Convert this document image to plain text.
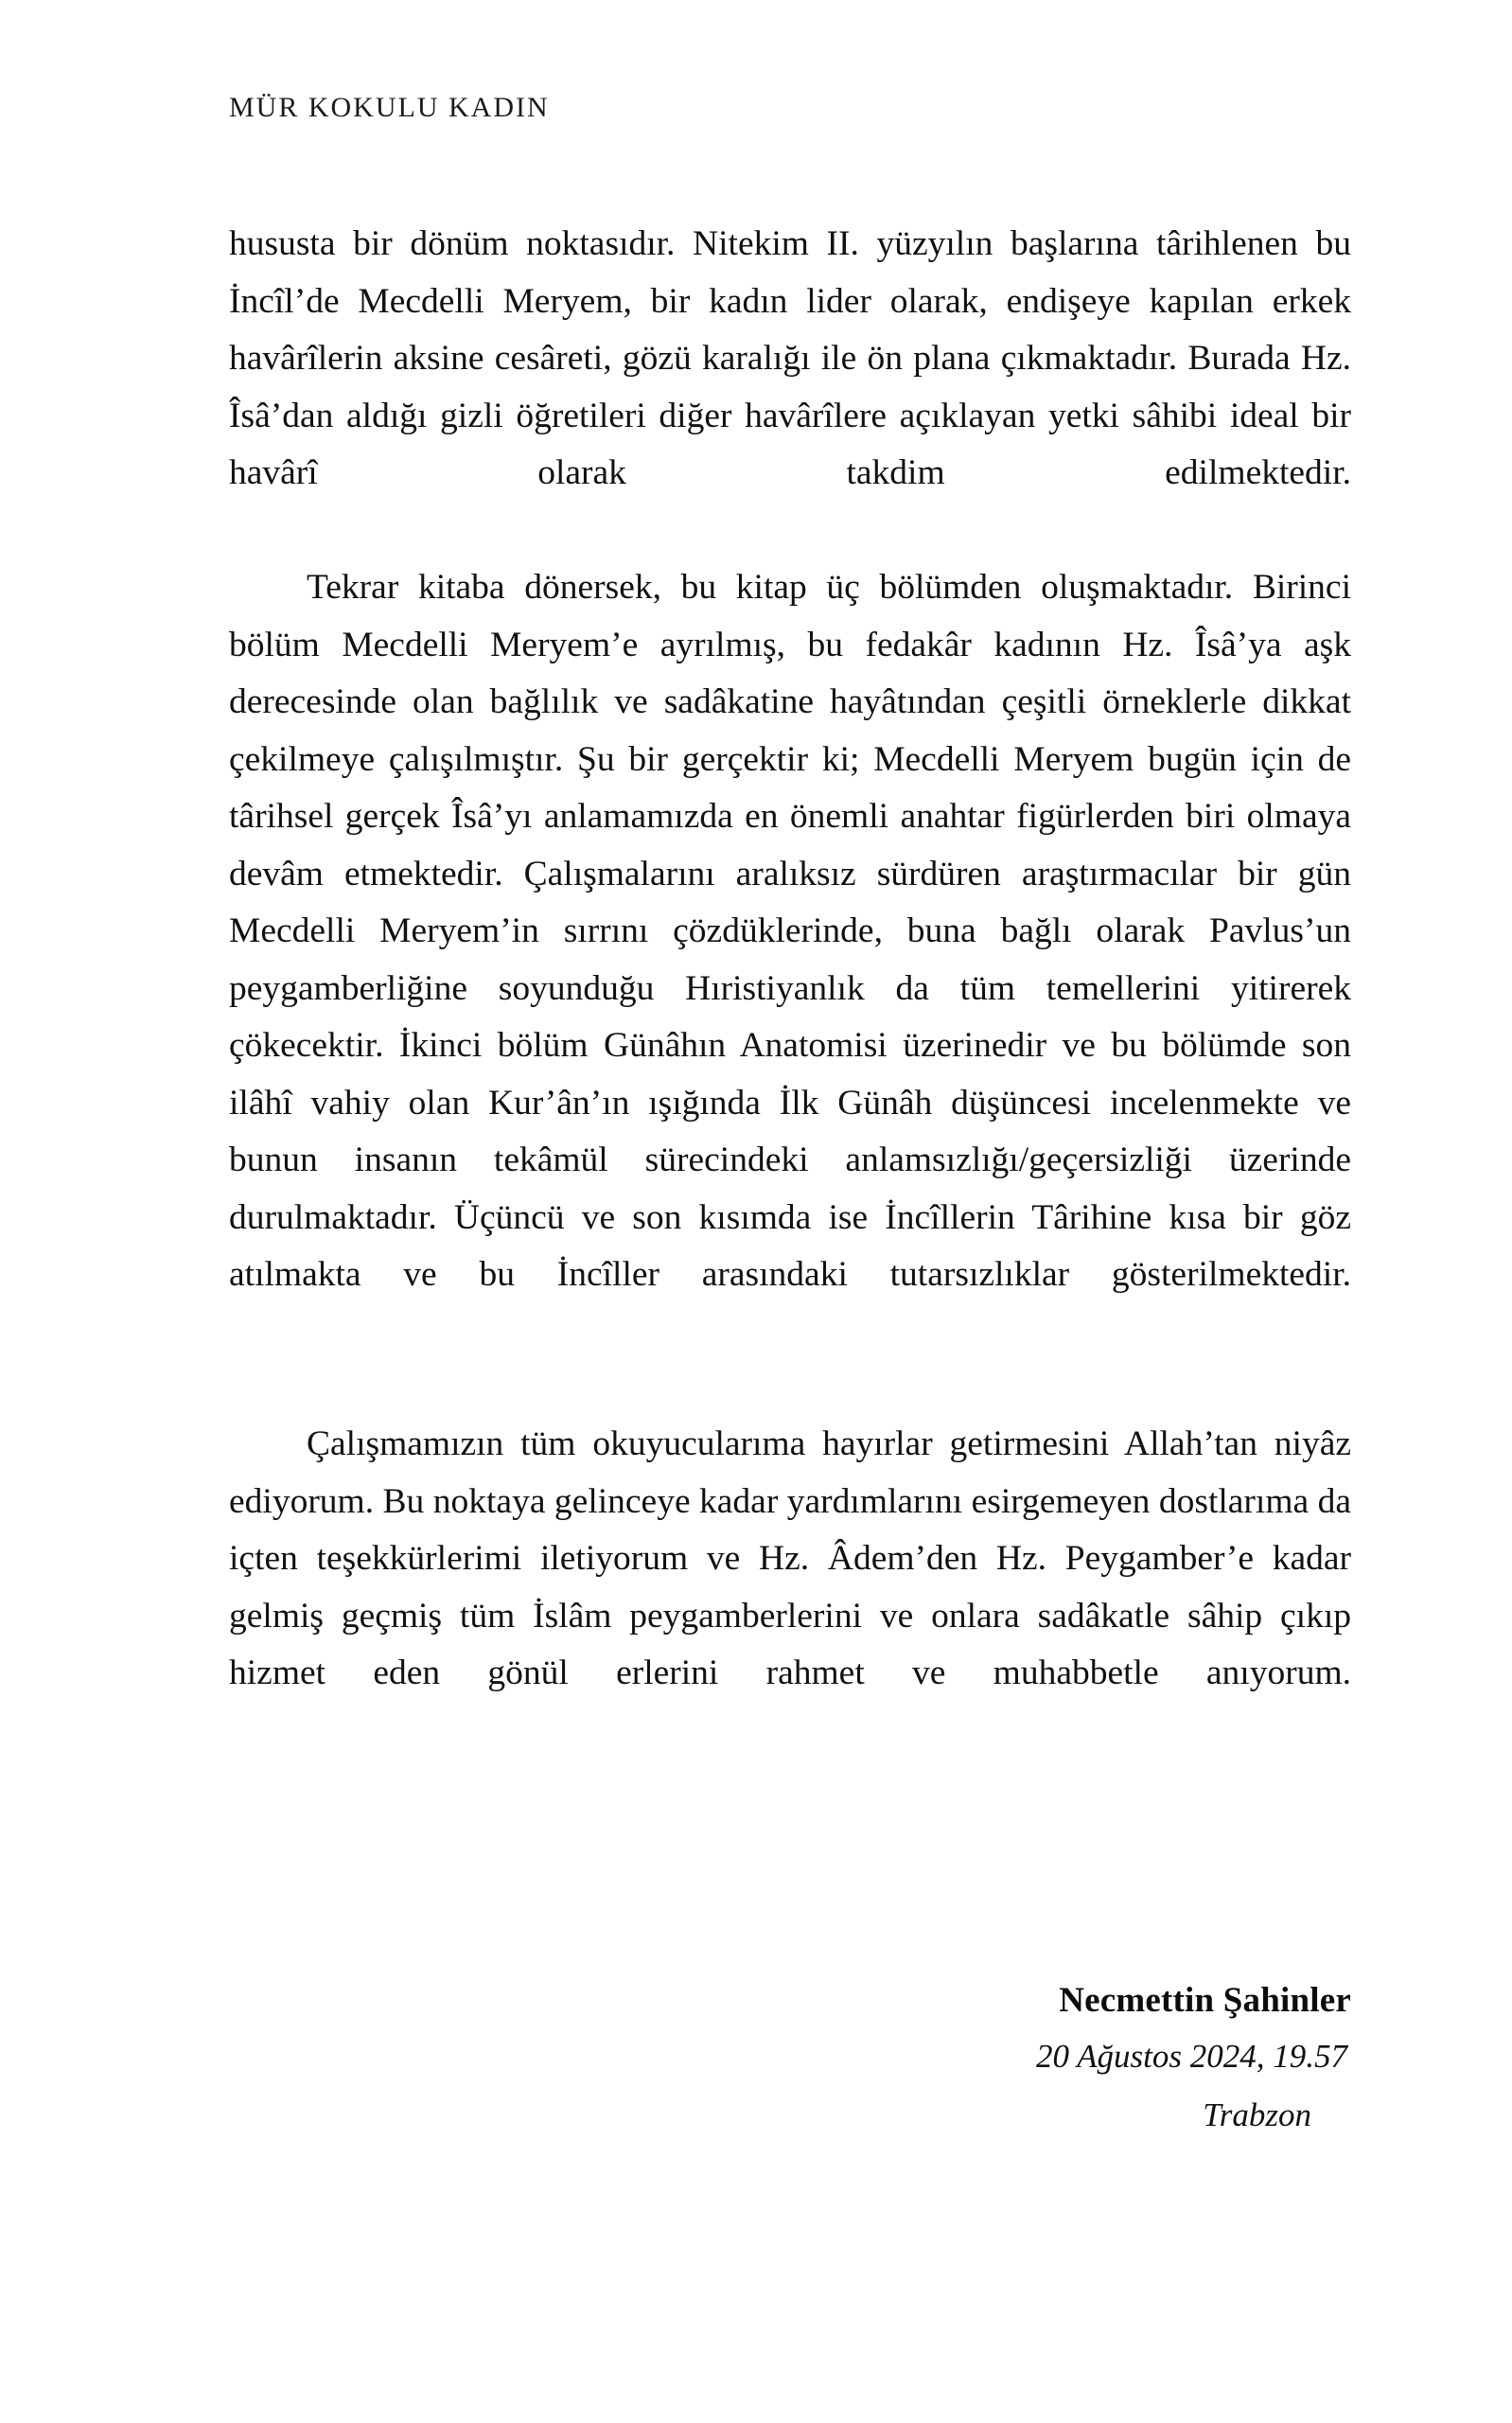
MÜR KOKULU KADIN

hususta bir dönüm noktasıdır. Nitekim II. yüzyılın başlarına târihlenen bu İncîl’de Mecdelli Meryem, bir kadın lider olarak, endişeye kapılan erkek havârîlerin aksine cesâreti, gözü karalığı ile ön plana çıkmaktadır. Burada Hz. Îsâ’dan aldığı gizli öğretileri diğer havârîlere açıklayan yetki sâhibi ideal bir havârî olarak takdim edilmektedir.

Tekrar kitaba dönersek, bu kitap üç bölümden oluşmaktadır. Birinci bölüm Mecdelli Meryem’e ayrılmış, bu fedakâr kadının Hz. Îsâ’ya aşk derecesinde olan bağlılık ve sadâkatine hayâtından çeşitli örneklerle dikkat çekilmeye çalışılmıştır. Şu bir gerçektir ki; Mecdelli Meryem bugün için de târihsel gerçek Îsâ’yı anlamamızda en önemli anahtar figürlerden biri olmaya devâm etmektedir. Çalışmalarını aralıksız sürdüren araştırmacılar bir gün Mecdelli Meryem’in sırrını çözdüklerinde, buna bağlı olarak Pavlus’un peygamberliğine soyunduğu Hıristiyanlık da tüm temellerini yitirerek çökecektir. İkinci bölüm Günâhın Anatomisi üzerinedir ve bu bölümde son ilâhî vahiy olan Kur’ân’ın ışığında İlk Günâh düşüncesi incelenmekte ve bunun insanın tekâmül sürecindeki anlamsızlığı/geçersizliği üzerinde durulmaktadır. Üçüncü ve son kısımda ise İncîllerin Târihine kısa bir göz atılmakta ve bu İncîller arasındaki tutarsızlıklar gösterilmektedir.

Çalışmamızın tüm okuyucularıma hayırlar getirmesini Allah’tan niyâz ediyorum. Bu noktaya gelinceye kadar yardımlarını esirgemeyen dostlarıma da içten teşekkürlerimi iletiyorum ve Hz. Âdem’den Hz. Peygamber’e kadar gelmiş geçmiş tüm İslâm peygamberlerini ve onlara sadâkatle sâhip çıkıp hizmet eden gönül erlerini rahmet ve muhabbetle anıyorum.

Necmettin Şahinler
20 Ağustos 2024, 19.57
Trabzon
